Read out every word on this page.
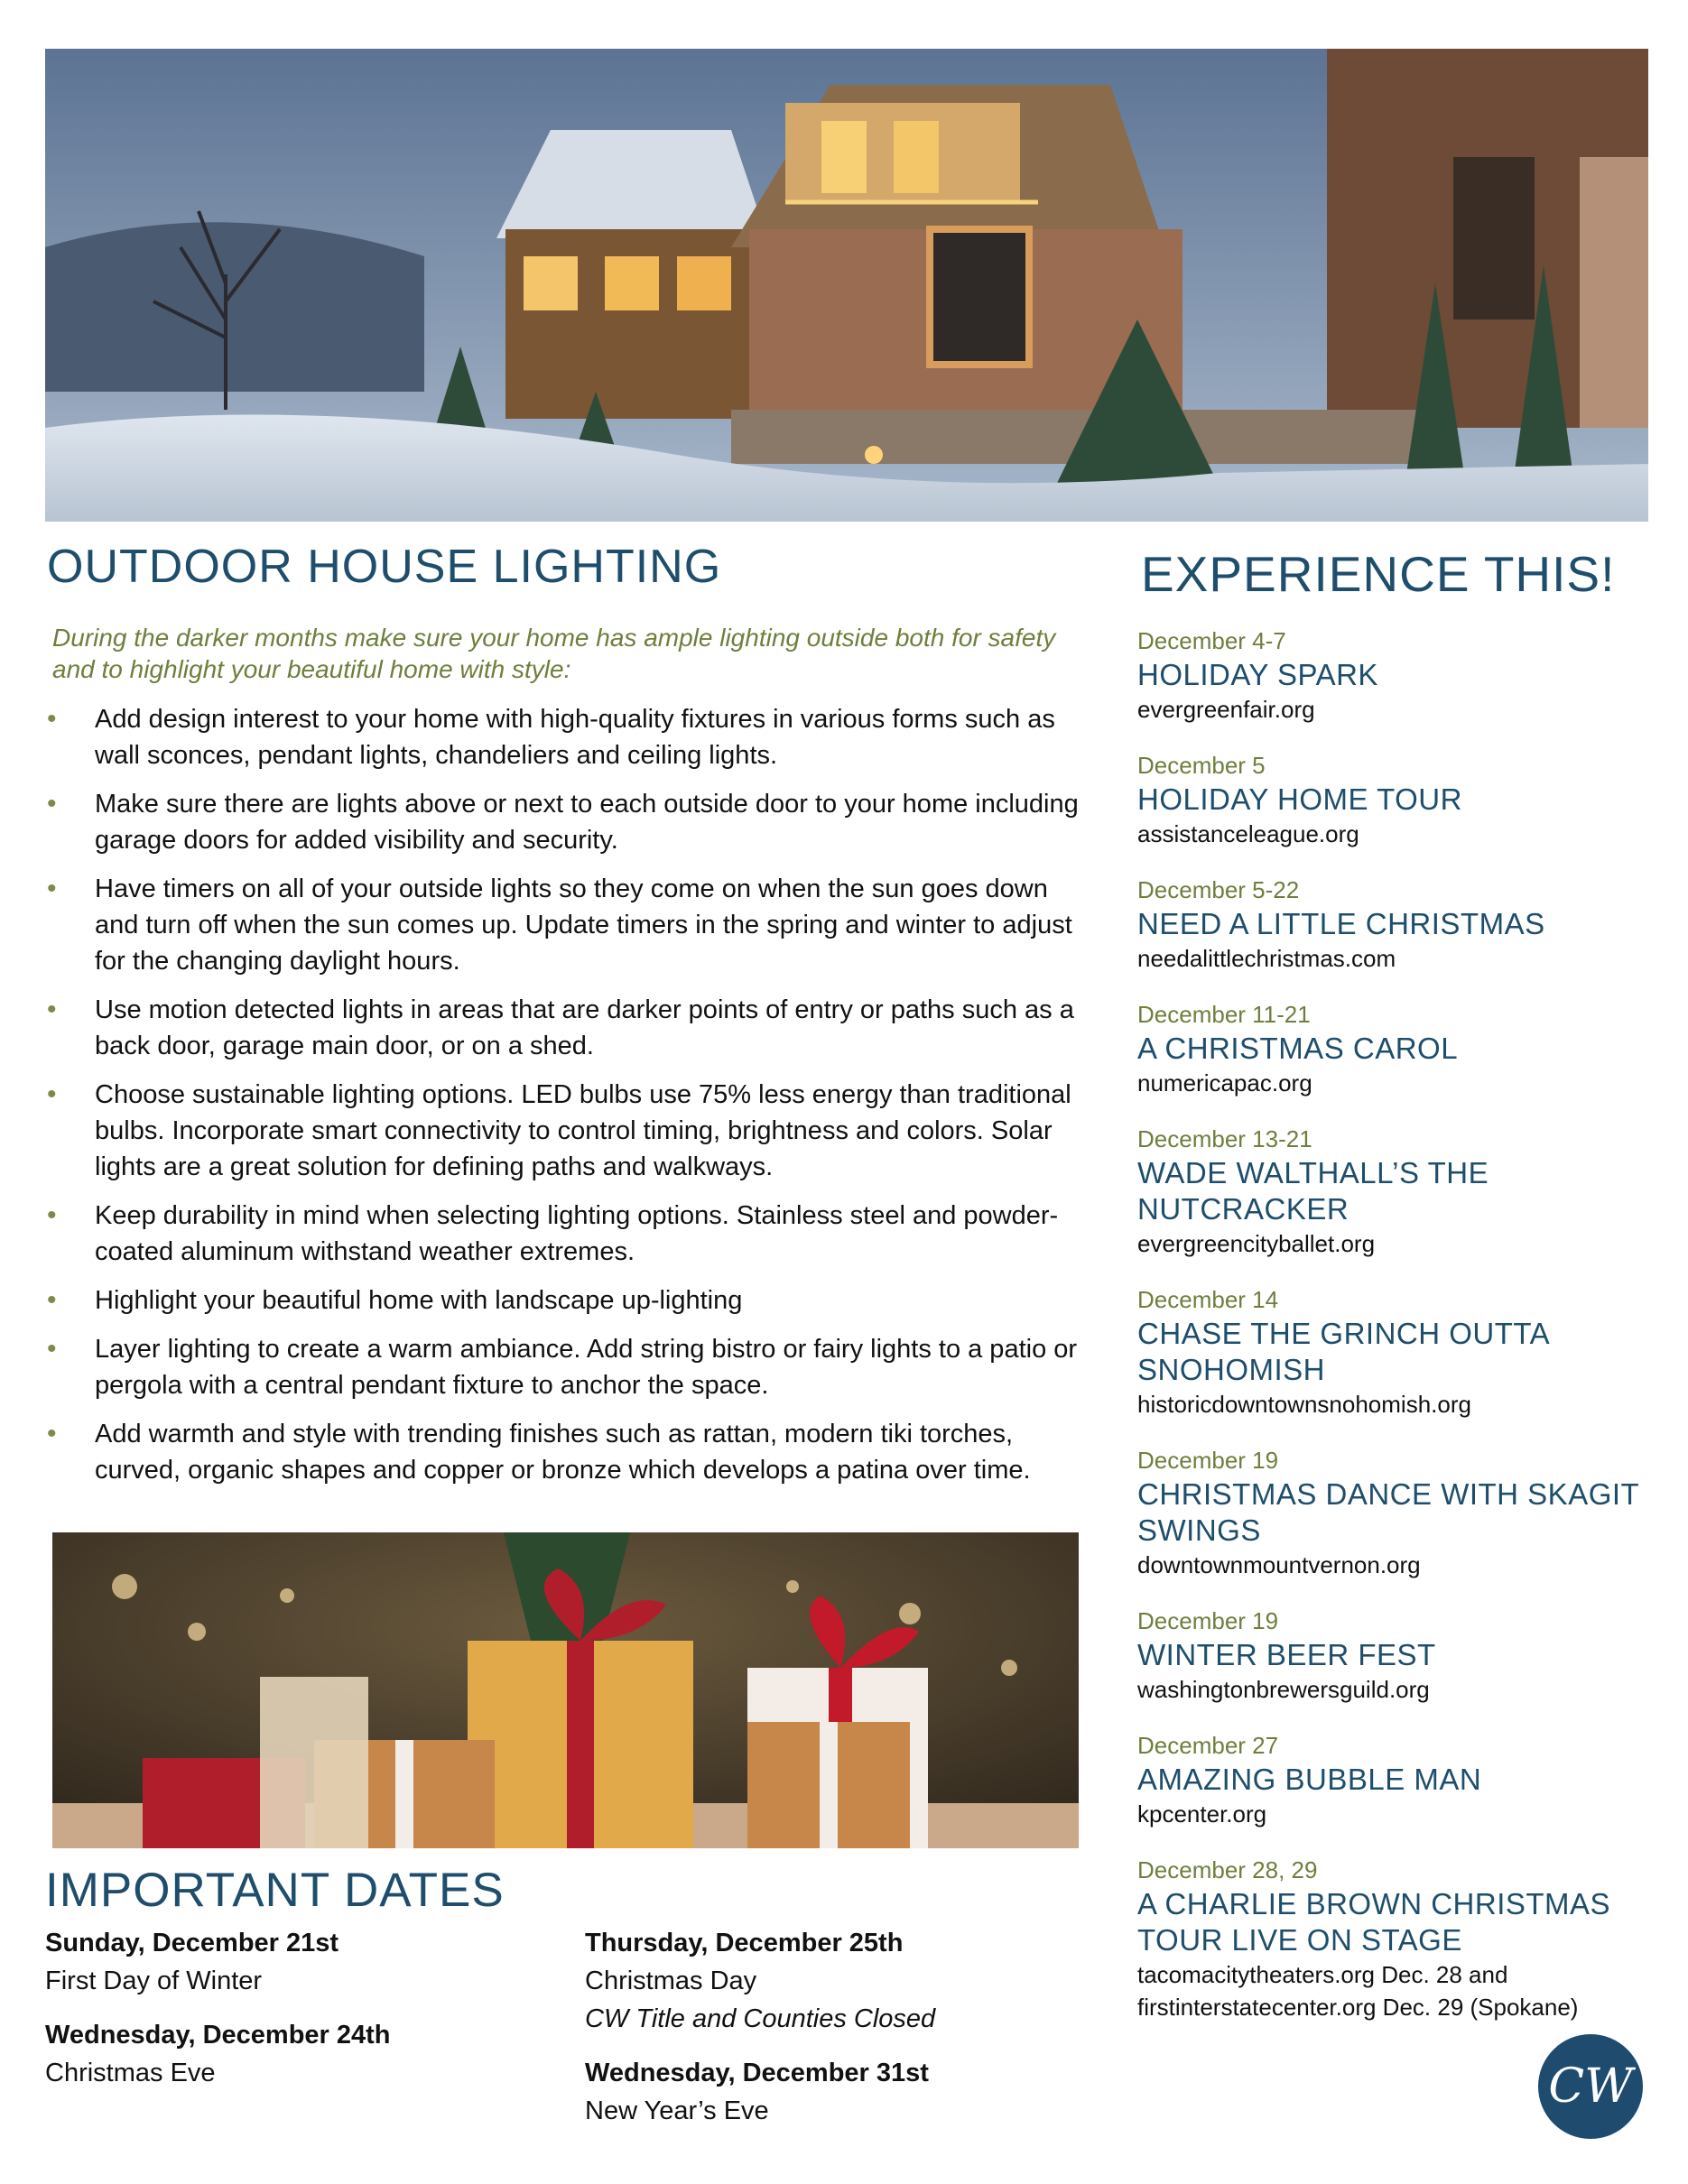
OUTDOOR HOUSE LIGHTING
During the darker months make sure your home has ample lighting outside both for safety and to highlight your beautiful home with style:
• Add design interest to your home with high-quality fixtures in various forms such as wall sconces, pendant lights, chandeliers and ceiling lights.
• Make sure there are lights above or next to each outside door to your home including garage doors for added visibility and security.
• Have timers on all of your outside lights so they come on when the sun goes down and turn off when the sun comes up. Update timers in the spring and winter to adjust for the changing daylight hours.
• Use motion detected lights in areas that are darker points of entry or paths such as a back door, garage main door, or on a shed.
• Choose sustainable lighting options. LED bulbs use 75% less energy than traditional bulbs. Incorporate smart connectivity to control timing, brightness and colors. Solar lights are a great solution for defining paths and walkways.
• Keep durability in mind when selecting lighting options. Stainless steel and powder-coated aluminum withstand weather extremes.
• Highlight your beautiful home with landscape up-lighting
• Layer lighting to create a warm ambiance. Add string bistro or fairy lights to a patio or pergola with a central pendant fixture to anchor the space.
• Add warmth and style with trending finishes such as rattan, modern tiki torches, curved, organic shapes and copper or bronze which develops a patina over time.
IMPORTANT DATES
Sunday, December 21st
First Day of Winter
Wednesday, December 24th
Christmas Eve
Thursday, December 25th
Christmas Day
CW Title and Counties Closed
Wednesday, December 31st
New Year’s Eve
EXPERIENCE THIS!
December 4-7
HOLIDAY SPARK
evergreenfair.org
December 5
HOLIDAY HOME TOUR
assistanceleague.org
December 5-22
NEED A LITTLE CHRISTMAS
needalittlechristmas.com
December 11-21
A CHRISTMAS CAROL
numericapac.org
December 13-21
WADE WALTHALL’S THE NUTCRACKER
evergreencityballet.org
December 14
CHASE THE GRINCH OUTTA SNOHOMISH
historicdowntownsnohomish.org
December 19
CHRISTMAS DANCE WITH SKAGIT SWINGS
downtownmountvernon.org
December 19
WINTER BEER FEST
washingtonbrewersguild.org
December 27
AMAZING BUBBLE MAN
kpcenter.org
December 28, 29
A CHARLIE BROWN CHRISTMAS TOUR LIVE ON STAGE
tacomacitytheaters.org Dec. 28 and firstinterstatecenter.org Dec. 29 (Spokane)
CW
